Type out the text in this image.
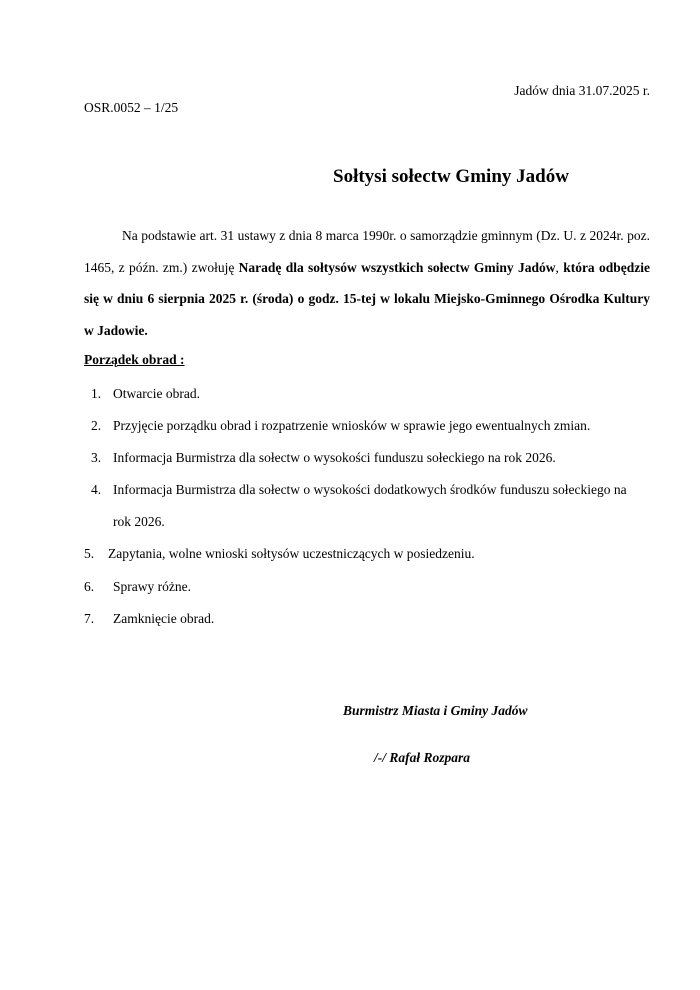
Jadów dnia 31.07.2025 r.
OSR.0052 – 1/25
Sołtysi sołectw Gminy Jadów

Na podstawie art. 31 ustawy z dnia 8 marca 1990r. o samorządzie gminnym (Dz. U. z 2024r. poz. 1465, z późn. zm.) zwołuję Naradę dla sołtysów wszystkich sołectw Gminy Jadów, która odbędzie się w dniu 6 sierpnia 2025 r. (środa) o godz. 15-tej w lokalu Miejsko-Gminnego Ośrodka Kultury w Jadowie.

Porządek obrad :
1. Otwarcie obrad.
2. Przyjęcie porządku obrad i rozpatrzenie wniosków w sprawie jego ewentualnych zmian.
3. Informacja Burmistrza dla sołectw o wysokości funduszu sołeckiego na rok 2026.
4. Informacja Burmistrza dla sołectw o wysokości dodatkowych środków funduszu sołeckiego na
rok 2026.
5. Zapytania, wolne wnioski sołtysów uczestniczących w posiedzeniu.
6. Sprawy różne.
7. Zamknięcie obrad.
Burmistrz Miasta i Gminy Jadów
/-/ Rafał Rozpara
